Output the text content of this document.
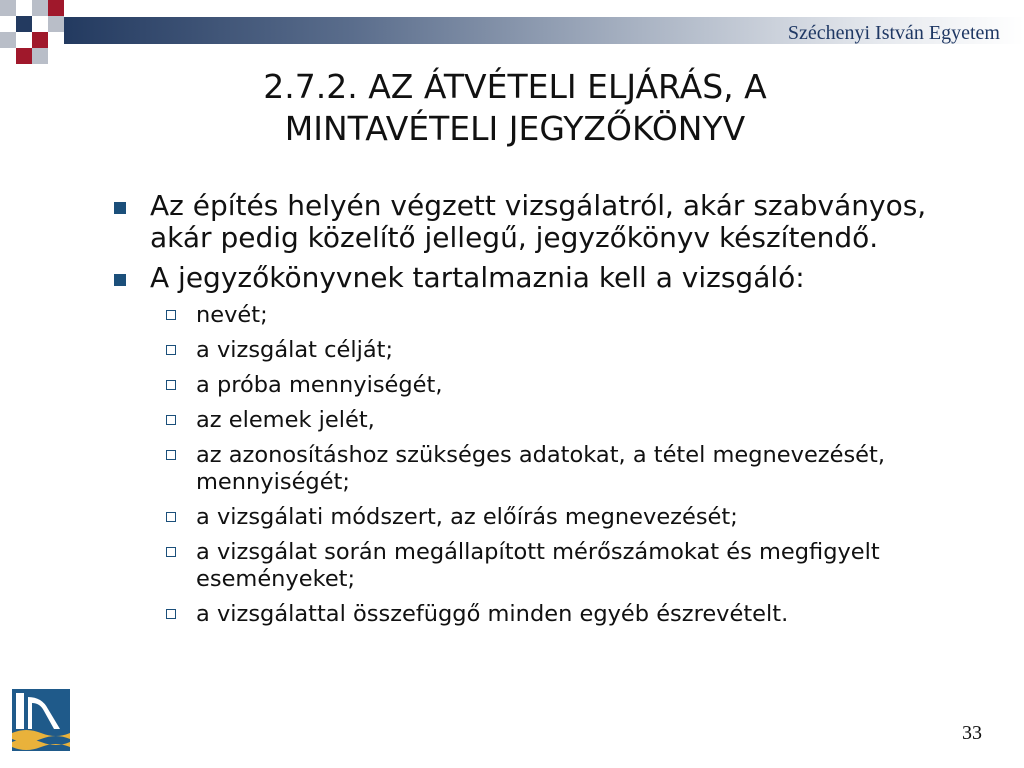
Széchenyi István Egyetem
2.7.2. AZ ÁTVÉTELI ELJÁRÁS, A
MINTAVÉTELI JEGYZŐKÖNYV
Az építés helyén végzett vizsgálatról, akár szabványos, akár pedig közelítő jellegű, jegyzőkönyv készítendő.
A jegyzőkönyvnek tartalmaznia kell a vizsgáló:
nevét;
a vizsgálat célját;
a próba mennyiségét,
az elemek jelét,
az azonosításhoz szükséges adatokat, a tétel megnevezését, mennyiségét;
a vizsgálati módszert, az előírás megnevezését;
a vizsgálat során megállapított mérőszámokat és megfigyelt eseményeket;
a vizsgálattal összefüggő minden egyéb észrevételt.
33
